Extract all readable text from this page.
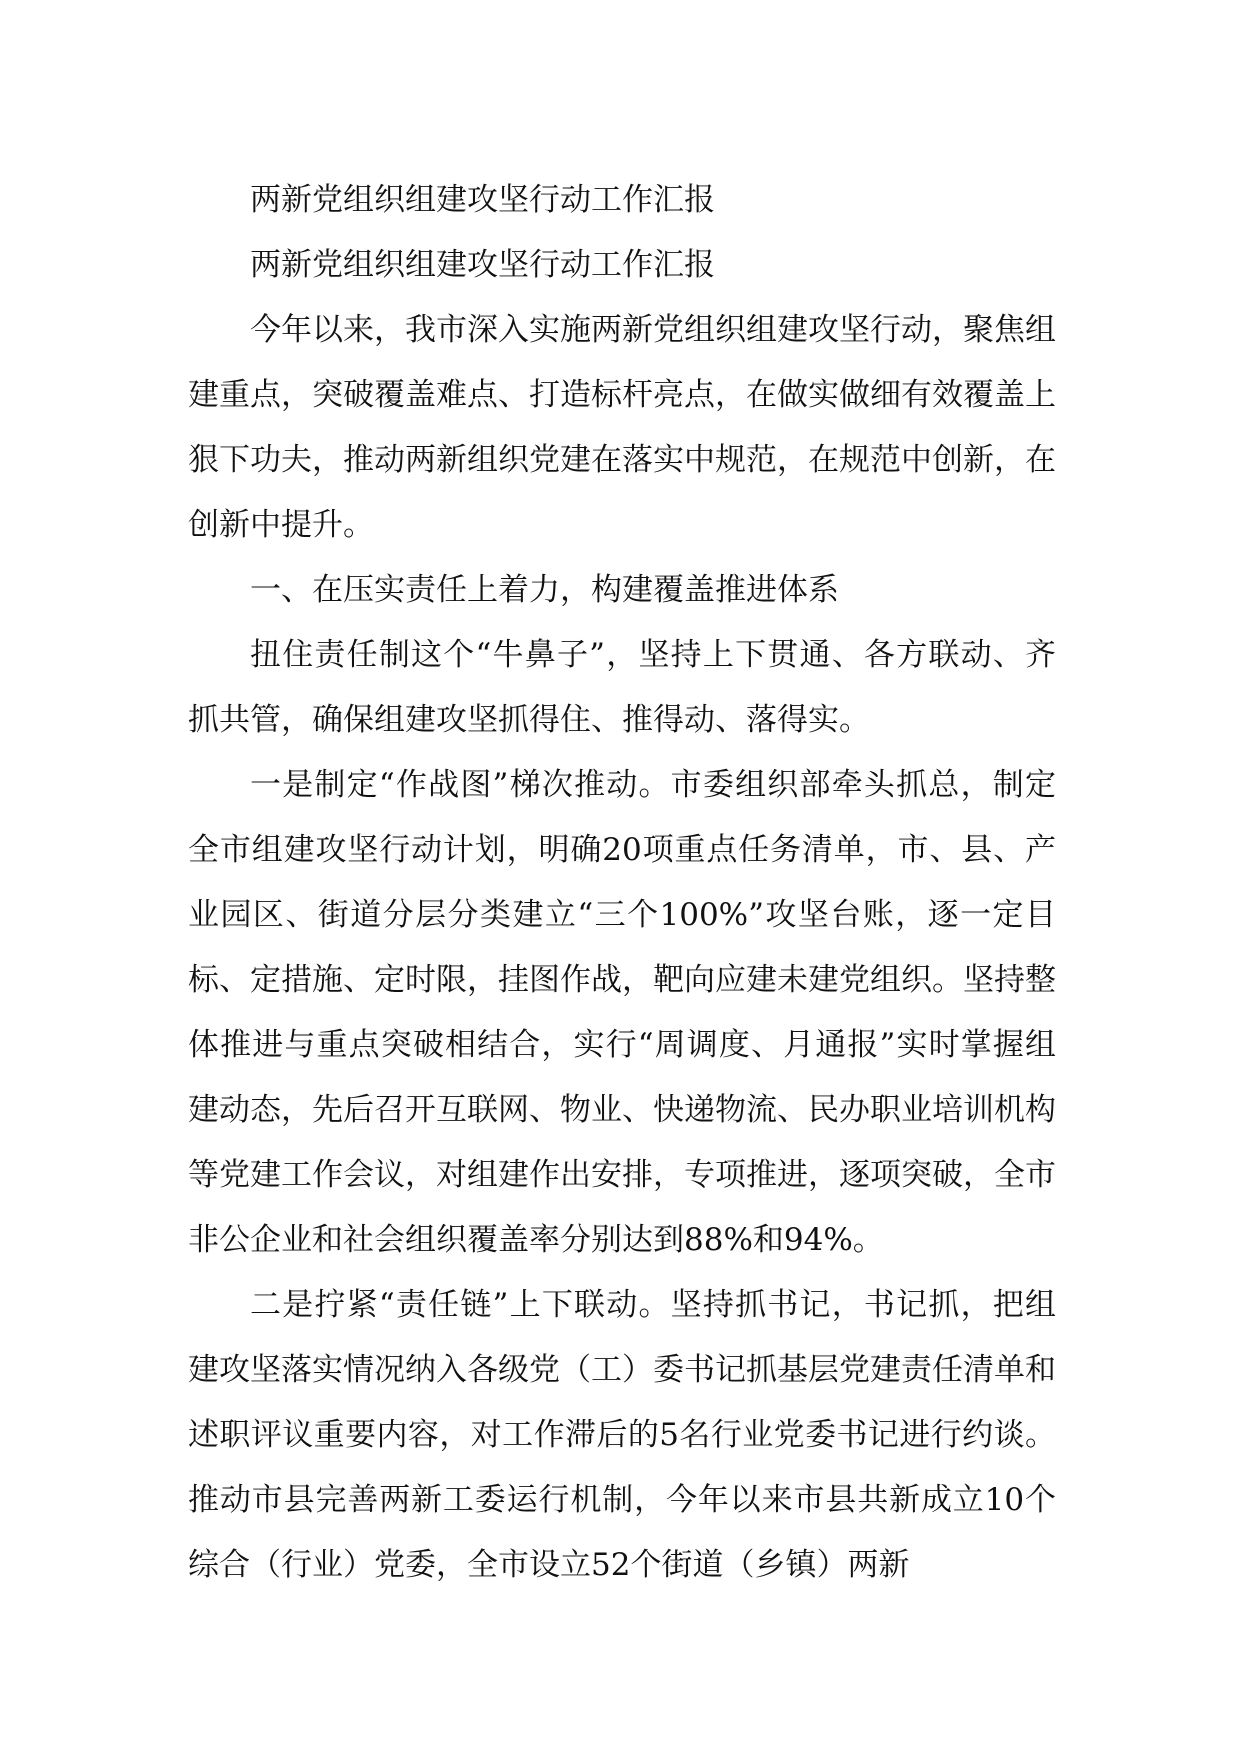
两新党组织组建攻坚行动工作汇报

两新党组织组建攻坚行动工作汇报

今年以来，我市深入实施两新党组织组建攻坚行动，聚焦组建重点，突破覆盖难点、打造标杆亮点，在做实做细有效覆盖上狠下功夫，推动两新组织党建在落实中规范，在规范中创新，在创新中提升。

一、在压实责任上着力，构建覆盖推进体系

扭住责任制这个“牛鼻子”，坚持上下贯通、各方联动、齐抓共管，确保组建攻坚抓得住、推得动、落得实。

一是制定“作战图”梯次推动。市委组织部牵头抓总，制定全市组建攻坚行动计划，明确20项重点任务清单，市、县、产业园区、街道分层分类建立“三个100%”攻坚台账，逐一定目标、定措施、定时限，挂图作战，靶向应建未建党组织。坚持整体推进与重点突破相结合，实行“周调度、月通报”实时掌握组建动态，先后召开互联网、物业、快递物流、民办职业培训机构等党建工作会议，对组建作出安排，专项推进，逐项突破，全市非公企业和社会组织覆盖率分别达到88%和94%。

二是拧紧“责任链”上下联动。坚持抓书记，书记抓，把组建攻坚落实情况纳入各级党（工）委书记抓基层党建责任清单和述职评议重要内容，对工作滞后的5名行业党委书记进行约谈。推动市县完善两新工委运行机制，今年以来市县共新成立10个综合（行业）党委，全市设立52个街道（乡镇）两新
